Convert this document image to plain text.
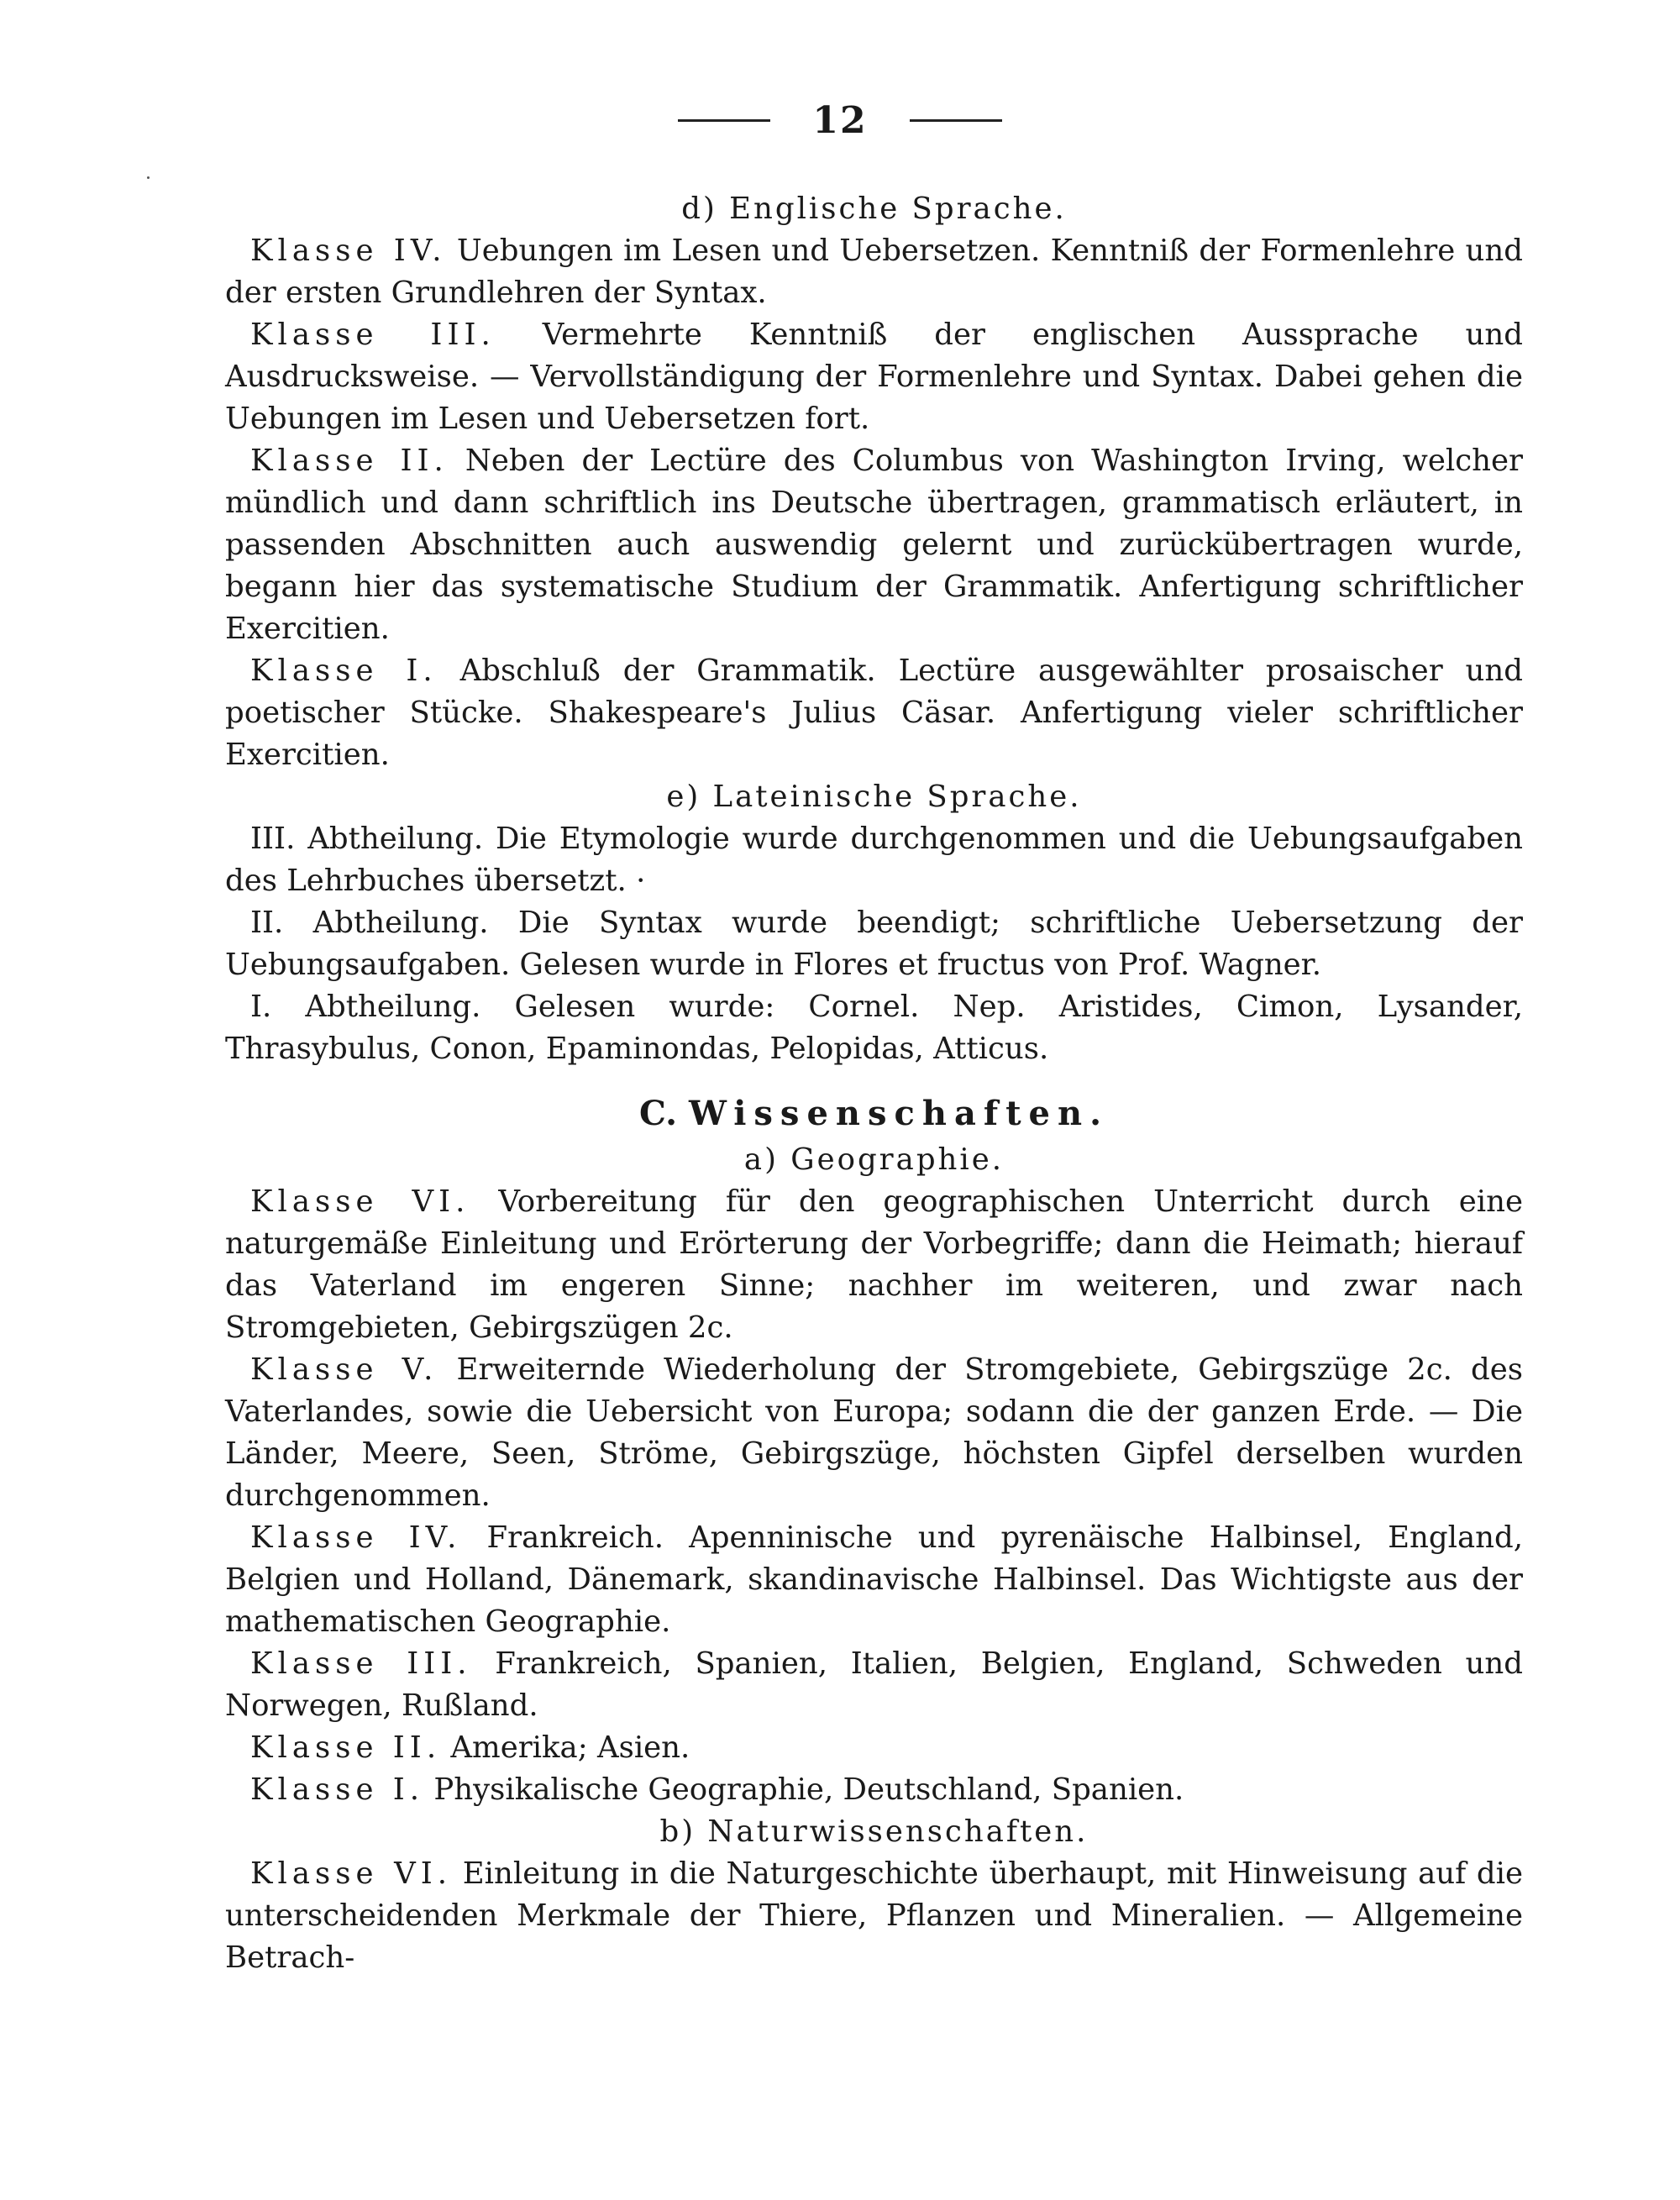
12

d) Englische Sprache.

Klasse IV. Uebungen im Lesen und Uebersetzen. Kenntniß der Formenlehre und der ersten Grundlehren der Syntax.

Klasse III. Vermehrte Kenntniß der englischen Aussprache und Ausdrucksweise. — Vervollständigung der Formenlehre und Syntax. Dabei gehen die Uebungen im Lesen und Uebersetzen fort.

Klasse II. Neben der Lectüre des Columbus von Washington Irving, welcher mündlich und dann schriftlich ins Deutsche übertragen, grammatisch erläutert, in passenden Abschnitten auch auswendig gelernt und zurückübertragen wurde, begann hier das systematische Studium der Grammatik. Anfertigung schriftlicher Exercitien.

Klasse I. Abschluß der Grammatik. Lectüre ausgewählter prosaischer und poetischer Stücke. Shakespeare's Julius Cäsar. Anfertigung vieler schriftlicher Exercitien.

e) Lateinische Sprache.

III. Abtheilung. Die Etymologie wurde durchgenommen und die Uebungsaufgaben des Lehrbuches übersetzt. ·

II. Abtheilung. Die Syntax wurde beendigt; schriftliche Uebersetzung der Uebungsaufgaben. Gelesen wurde in Flores et fructus von Prof. Wagner.

I. Abtheilung. Gelesen wurde: Cornel. Nep. Aristides, Cimon, Lysander, Thrasybulus, Conon, Epaminondas, Pelopidas, Atticus.

C. Wissenschaften.

a) Geographie.

Klasse VI. Vorbereitung für den geographischen Unterricht durch eine naturgemäße Einleitung und Erörterung der Vorbegriffe; dann die Heimath; hierauf das Vaterland im engeren Sinne; nachher im weiteren, und zwar nach Stromgebieten, Gebirgszügen 2c.

Klasse V. Erweiternde Wiederholung der Stromgebiete, Gebirgszüge 2c. des Vaterlandes, sowie die Uebersicht von Europa; sodann die der ganzen Erde. — Die Länder, Meere, Seen, Ströme, Gebirgszüge, höchsten Gipfel derselben wurden durchgenommen.

Klasse IV. Frankreich. Apenninische und pyrenäische Halbinsel, England, Belgien und Holland, Dänemark, skandinavische Halbinsel. Das Wichtigste aus der mathematischen Geographie.

Klasse III. Frankreich, Spanien, Italien, Belgien, England, Schweden und Norwegen, Rußland.

Klasse II. Amerika; Asien.

Klasse I. Physikalische Geographie, Deutschland, Spanien.

b) Naturwissenschaften.

Klasse VI. Einleitung in die Naturgeschichte überhaupt, mit Hinweisung auf die unterscheidenden Merkmale der Thiere, Pflanzen und Mineralien. — Allgemeine Betrach-
